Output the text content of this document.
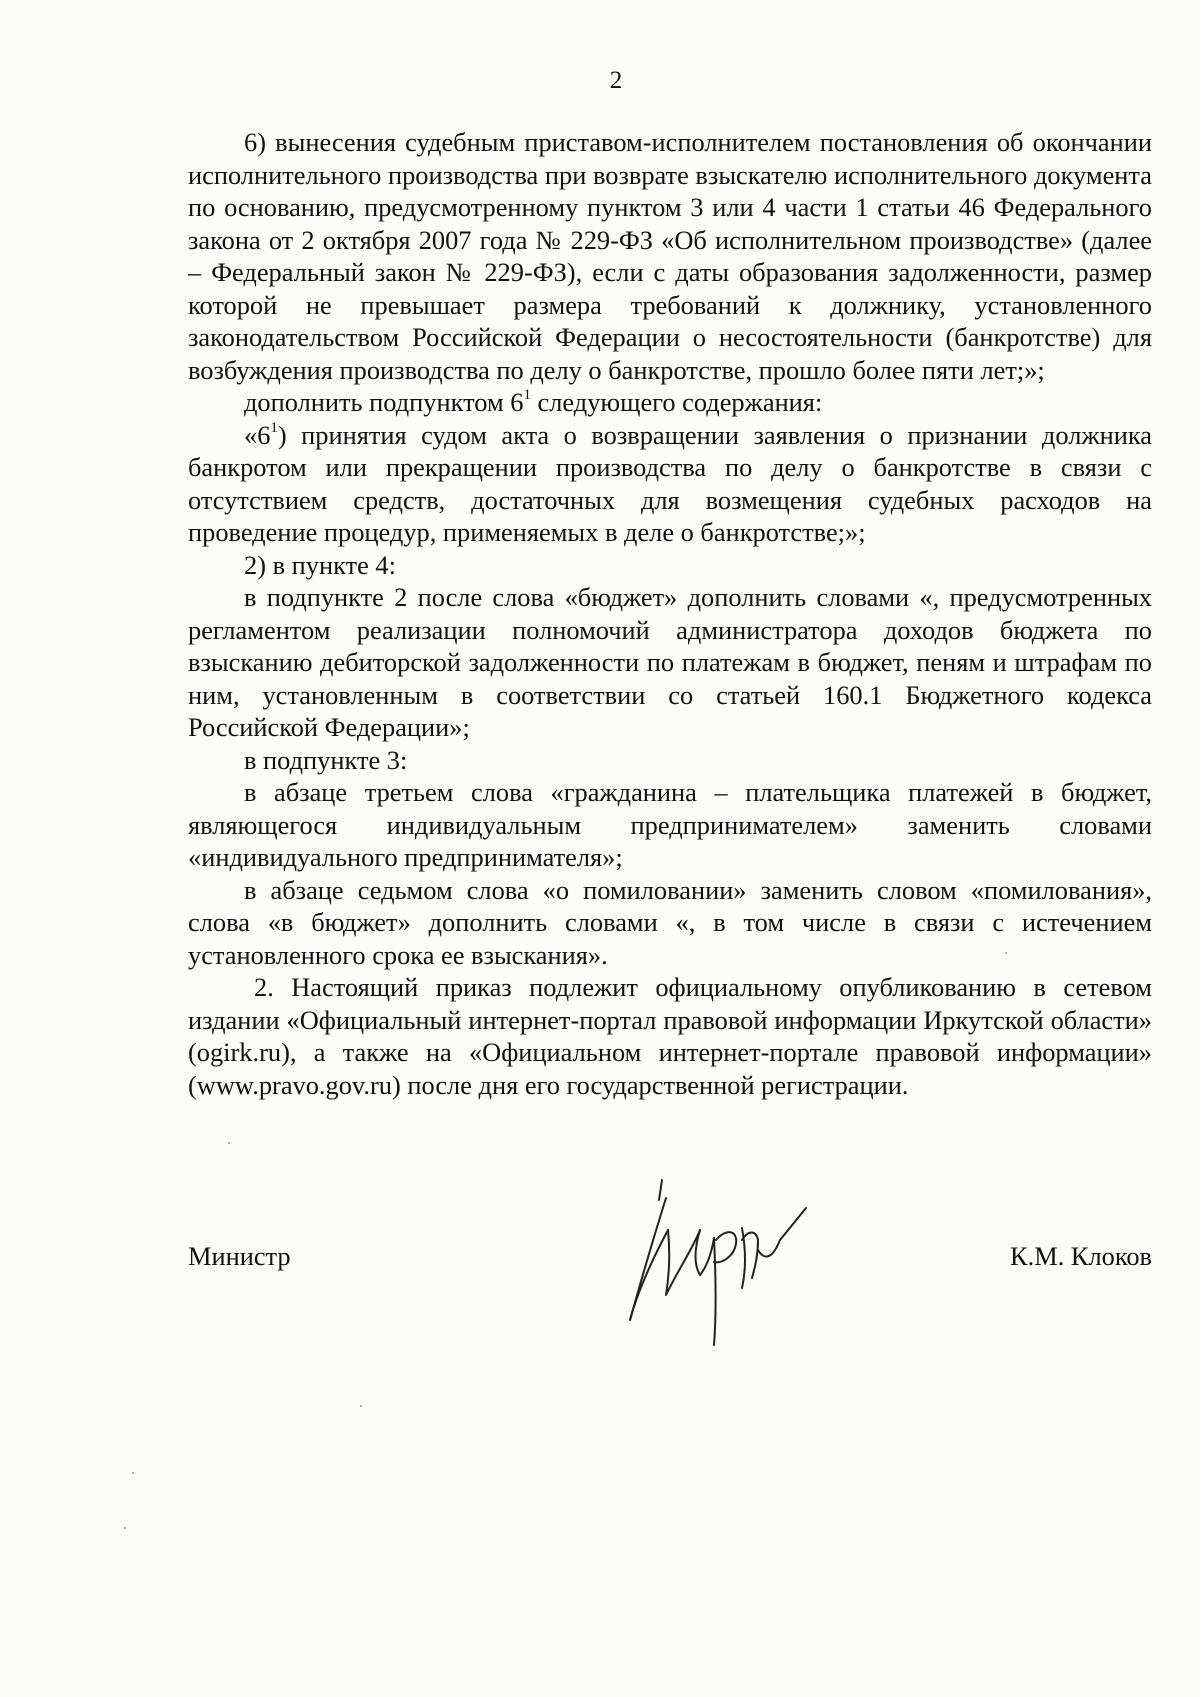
2

6) вынесения судебным приставом-исполнителем постановления об окончании исполнительного производства при возврате взыскателю исполнительного документа по основанию, предусмотренному пунктом 3 или 4 части 1 статьи 46 Федерального закона от 2 октября 2007 года № 229-ФЗ «Об исполнительном производстве» (далее – Федеральный закон № 229-ФЗ), если с даты образования задолженности, размер которой не превышает размера требований к должнику, установленного законодательством Российской Федерации о несостоятельности (банкротстве) для возбуждения производства по делу о банкротстве, прошло более пяти лет;»;

дополнить подпунктом $6^1$ следующего содержания:

«$6^1$) принятия судом акта о возвращении заявления о признании должника банкротом или прекращении производства по делу о банкротстве в связи с отсутствием средств, достаточных для возмещения судебных расходов на проведение процедур, применяемых в деле о банкротстве;»;

2) в пункте 4:

в подпункте 2 после слова «бюджет» дополнить словами «, предусмотренных регламентом реализации полномочий администратора доходов бюджета по взысканию дебиторской задолженности по платежам в бюджет, пеням и штрафам по ним, установленным в соответствии со статьей 160.1 Бюджетного кодекса Российской Федерации»;

в подпункте 3:

в абзаце третьем слова «гражданина – плательщика платежей в бюджет, являющегося индивидуальным предпринимателем» заменить словами «индивидуального предпринимателя»;

в абзаце седьмом слова «о помиловании» заменить словом «помилования», слова «в бюджет» дополнить словами «, в том числе в связи с истечением установленного срока ее взыскания».

2. Настоящий приказ подлежит официальному опубликованию в сетевом издании «Официальный интернет-портал правовой информации Иркутской области» (ogirk.ru), а также на «Официальном интернет-портале правовой информации» (www.pravo.gov.ru) после дня его государственной регистрации.

Министр	К.М. Клоков
